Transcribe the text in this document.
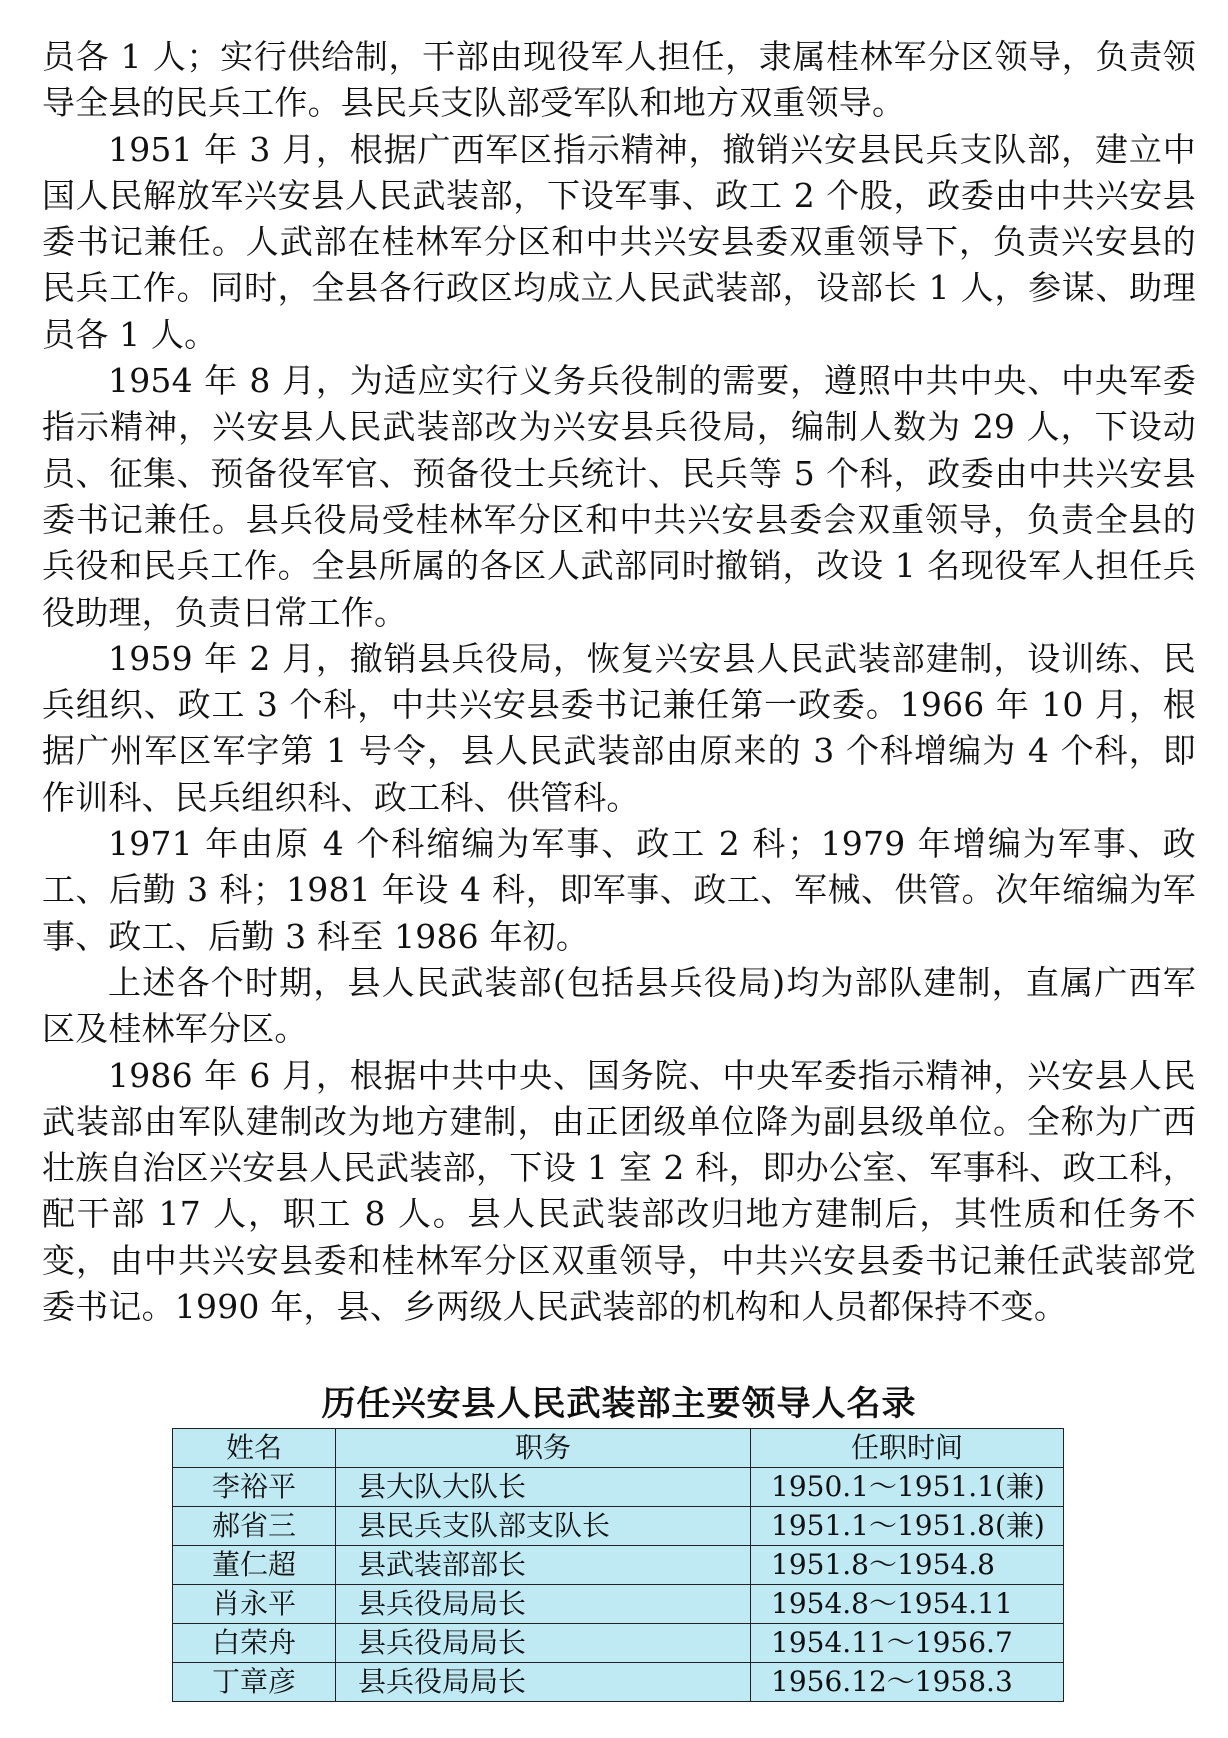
员各 1 人；实行供给制，干部由现役军人担任，隶属桂林军分区领导，负责领导全县的民兵工作。县民兵支队部受军队和地方双重领导。

1951 年 3 月，根据广西军区指示精神，撤销兴安县民兵支队部，建立中国人民解放军兴安县人民武装部，下设军事、政工 2 个股，政委由中共兴安县委书记兼任。人武部在桂林军分区和中共兴安县委双重领导下，负责兴安县的民兵工作。同时，全县各行政区均成立人民武装部，设部长 1 人，参谋、助理员各 1 人。

1954 年 8 月，为适应实行义务兵役制的需要，遵照中共中央、中央军委指示精神，兴安县人民武装部改为兴安县兵役局，编制人数为 29 人，下设动员、征集、预备役军官、预备役士兵统计、民兵等 5 个科，政委由中共兴安县委书记兼任。县兵役局受桂林军分区和中共兴安县委会双重领导，负责全县的兵役和民兵工作。全县所属的各区人武部同时撤销，改设 1 名现役军人担任兵役助理，负责日常工作。

1959 年 2 月，撤销县兵役局，恢复兴安县人民武装部建制，设训练、民兵组织、政工 3 个科，中共兴安县委书记兼任第一政委。1966 年 10 月，根据广州军区军字第 1 号令，县人民武装部由原来的 3 个科增编为 4 个科，即作训科、民兵组织科、政工科、供管科。

1971 年由原 4 个科缩编为军事、政工 2 科；1979 年增编为军事、政工、后勤 3 科；1981 年设 4 科，即军事、政工、军械、供管。次年缩编为军事、政工、后勤 3 科至 1986 年初。

上述各个时期，县人民武装部(包括县兵役局)均为部队建制，直属广西军区及桂林军分区。

1986 年 6 月，根据中共中央、国务院、中央军委指示精神，兴安县人民武装部由军队建制改为地方建制，由正团级单位降为副县级单位。全称为广西壮族自治区兴安县人民武装部，下设 1 室 2 科，即办公室、军事科、政工科，配干部 17 人，职工 8 人。县人民武装部改归地方建制后，其性质和任务不变，由中共兴安县委和桂林军分区双重领导，中共兴安县委书记兼任武装部党委书记。1990 年，县、乡两级人民武装部的机构和人员都保持不变。

历任兴安县人民武装部主要领导人名录
姓名	职务	任职时间
李裕平	县大队大队长	1950.1～1951.1(兼)
郝省三	县民兵支队部支队长	1951.1～1951.8(兼)
董仁超	县武装部部长	1951.8～1954.8
肖永平	县兵役局局长	1954.8～1954.11
白荣舟	县兵役局局长	1954.11～1956.7
丁章彦	县兵役局局长	1956.12～1958.3
